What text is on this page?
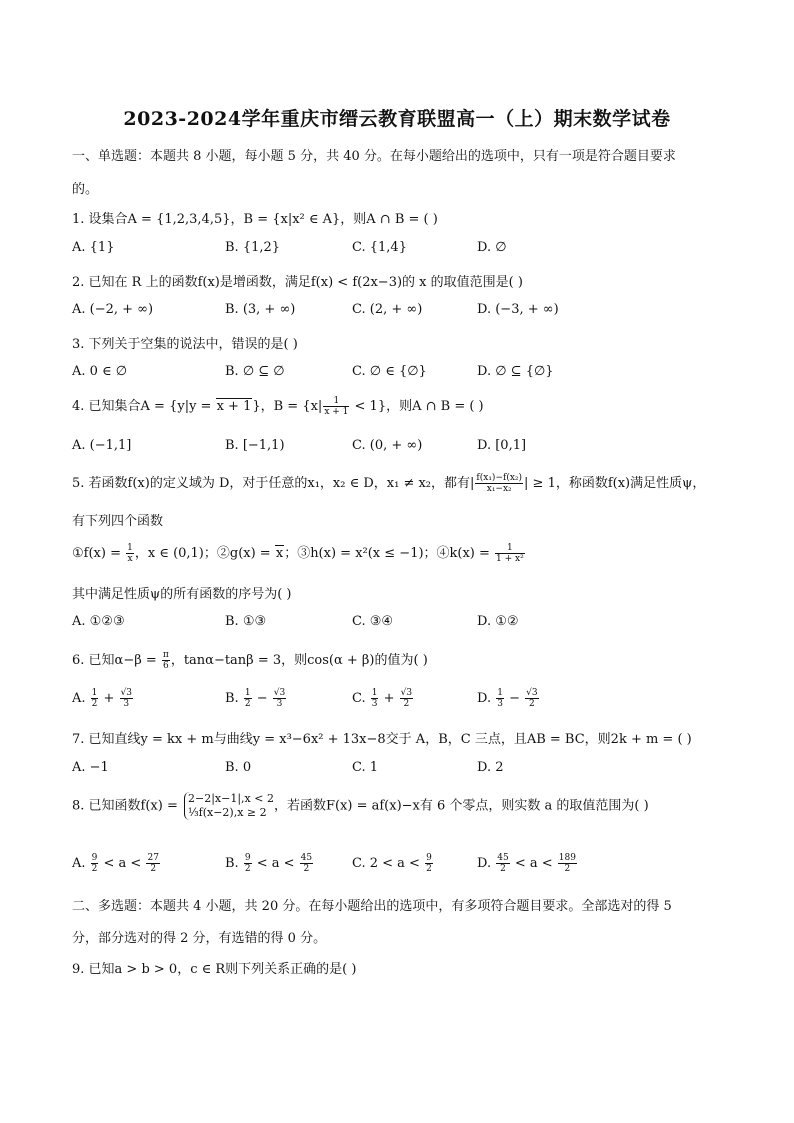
2023-2024学年重庆市缙云教育联盟高一（上）期末数学试卷
一、单选题：本题共 8 小题，每小题 5 分，共 40 分。在每小题给出的选项中，只有一项是符合题目要求
的。
1. 设集合A = {1,2,3,4,5}，B = {x|x² ∈ A}，则A ∩ B = ( )
A. {1}	B. {1,2}	C. {1,4}	D. ∅
2. 已知在 R 上的函数f(x)是增函数，满足f(x) < f(2x−3)的 x 的取值范围是( )
A. (−2, + ∞)	B. (3, + ∞)	C. (2, + ∞)	D. (−3, + ∞)
3. 下列关于空集的说法中，错误的是( )
A. 0 ∈ ∅	B. ∅ ⊆ ∅	C. ∅ ∈ {∅}	D. ∅ ⊆ {∅}
4. 已知集合A = {y|y = x + 1}，$B = \{x| \frac{1}{x + 1} < 1\}$，则A ∩ B = ( )
A. (−1,1]	B. [−1,1)	C. (0, + ∞)	D. [0,1]
5. 若函数f(x)的定义域为 D，对于任意的x₁，x₂ ∈ D，x₁ ≠ x₂，都有| $\frac{\text{f(x₁)−f(x₂)}}{\text{x₁−x₂}}$ | ≥ 1，称函数f(x)满足性质ψ，
有下列四个函数
①f(x) = $\frac{1}{x}$ ，x ∈ (0,1)；②g(x) = x；③h(x) = x²(x ≤ −1)；④k(x) = $\frac{1}{\text{1 + x²}}$
其中满足性质ψ的所有函数的序号为( )
A. ①②③	B. ①③	C. ③④	D. ①②
6. 已知$\alpha-\beta = \frac{\pi}{6}$ ，tanα−tanβ = 3，则cos(α + β)的值为( )
A. $\frac{1}{2} + \frac{√3}{3}$	B. $\frac{1}{2} - \frac{√3}{3}$	C. $\frac{1}{3} + \frac{√3}{2}$	D. $\frac{1}{3} - \frac{√3}{2}$
7. 已知直线y = kx + m与曲线y = x³−6x² + 13x−8交于 A，B，C 三点，且AB = BC，则2k + m = ( )
A. −1	B. 0	C. 1	D. 2
8. 已知函数f(x) = 2−2|x−1|,x < 2
⅓f(x−2),x ≥ 2 ，若函数F(x) = af(x)−x有 6 个零点，则实数 a 的取值范围为( )
A. $\frac{9}{2} < a < \frac{27}{2}$	B. $\frac{9}{2} < a < \frac{45}{2}$	C. $2 < a < \frac{9}{2}$	D. $\frac{45}{2} < a < \frac{189}{2}$
二、多选题：本题共 4 小题，共 20 分。在每小题给出的选项中，有多项符合题目要求。全部选对的得 5
分，部分选对的得 2 分，有选错的得 0 分。
9. 已知a > b > 0，c ∈ R则下列关系正确的是( )
